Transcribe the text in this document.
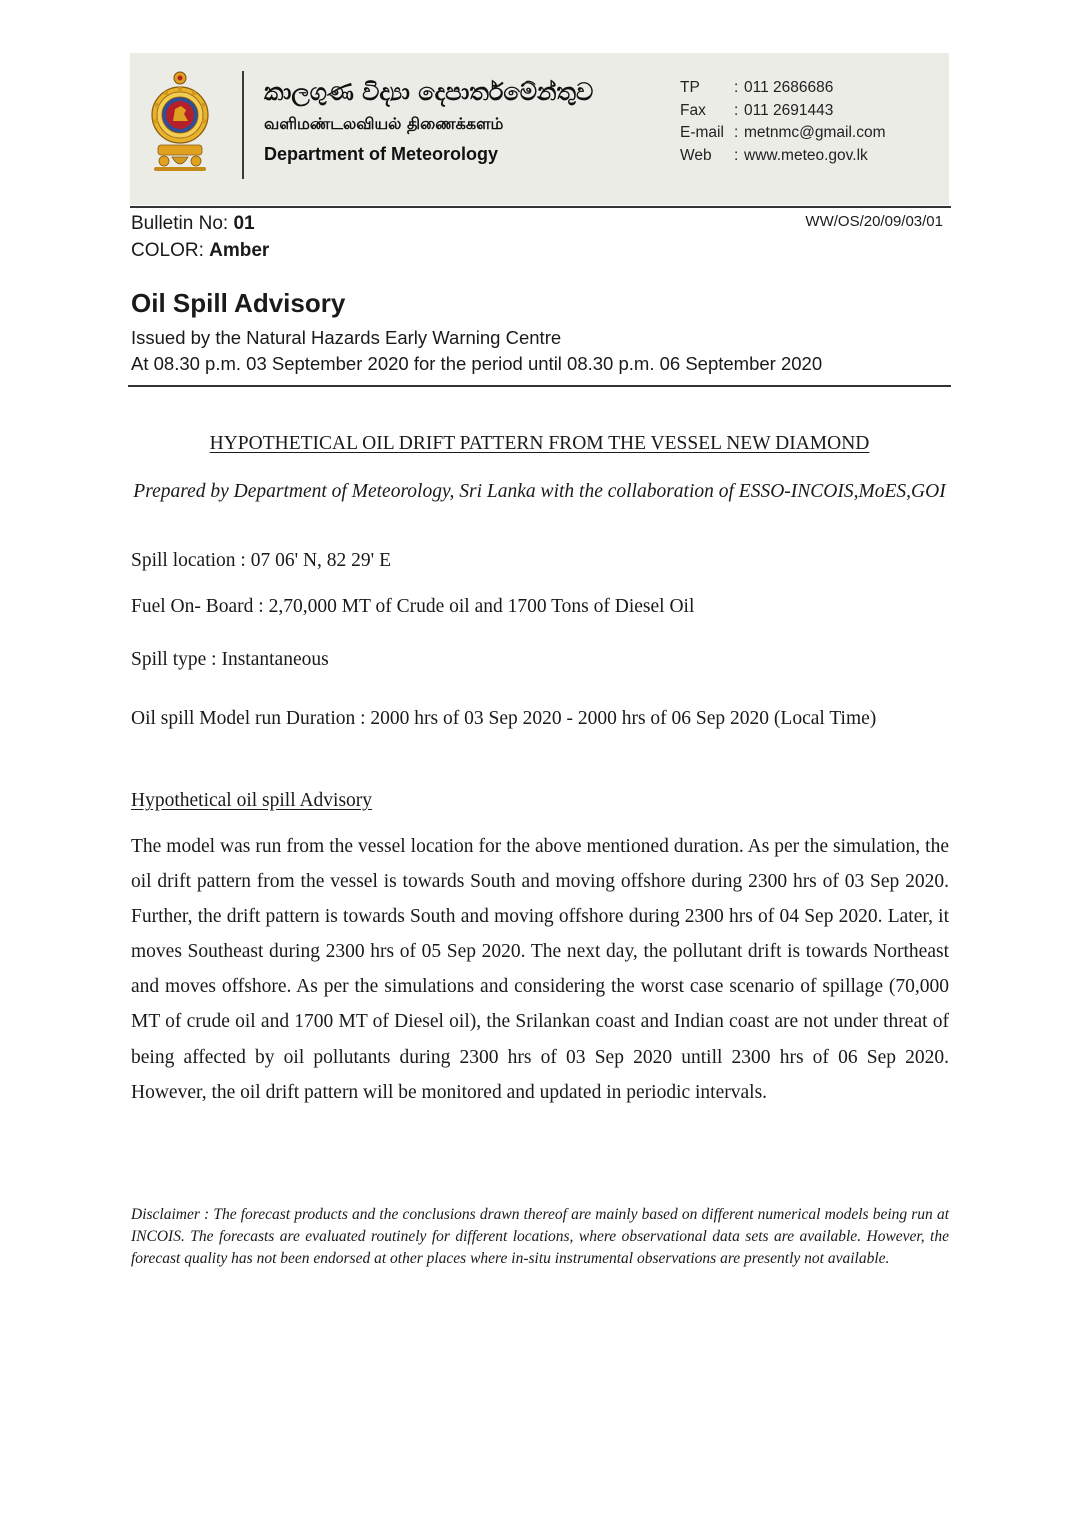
කාලගුණ විද්‍යා දෙපාර්තමේන්තුව
வளிமண்டலவியல் திணைக்களம்
Department of Meteorology
TP : 011 2686686
Fax : 011 2691443
E-mail : metnmc@gmail.com
Web : www.meteo.gov.lk
Bulletin No: 01
COLOR: Amber
WW/OS/20/09/03/01
Oil Spill Advisory
Issued by the Natural Hazards Early Warning Centre
At 08.30 p.m. 03 September 2020 for the period until 08.30 p.m. 06 September 2020
HYPOTHETICAL OIL DRIFT PATTERN FROM THE VESSEL NEW DIAMOND
Prepared by Department of Meteorology, Sri Lanka with the collaboration of ESSO-INCOIS,MoES,GOI
Spill location : 07 06' N, 82 29' E
Fuel On- Board : 2,70,000 MT of Crude oil and 1700 Tons of Diesel Oil
Spill type : Instantaneous
Oil spill Model run Duration : 2000 hrs of 03 Sep 2020 - 2000 hrs of 06 Sep 2020 (Local Time)
Hypothetical oil spill Advisory
The model was run from the vessel location for the above mentioned duration. As per the simulation, the oil drift pattern from the vessel is towards South and moving offshore during 2300 hrs of 03 Sep 2020. Further, the drift pattern is towards South and moving offshore during 2300 hrs of 04 Sep 2020. Later, it moves Southeast during 2300 hrs of 05 Sep 2020. The next day, the pollutant drift is towards Northeast and moves offshore. As per the simulations and considering the worst case scenario of spillage (70,000 MT of crude oil and 1700 MT of Diesel oil), the Srilankan coast and Indian coast are not under threat of being affected by oil pollutants during 2300 hrs of 03 Sep 2020 untill 2300 hrs of 06 Sep 2020. However, the oil drift pattern will be monitored and updated in periodic intervals.
Disclaimer : The forecast products and the conclusions drawn thereof are mainly based on different numerical models being run at INCOIS. The forecasts are evaluated routinely for different locations, where observational data sets are available. However, the forecast quality has not been endorsed at other places where in-situ instrumental observations are presently not available.
